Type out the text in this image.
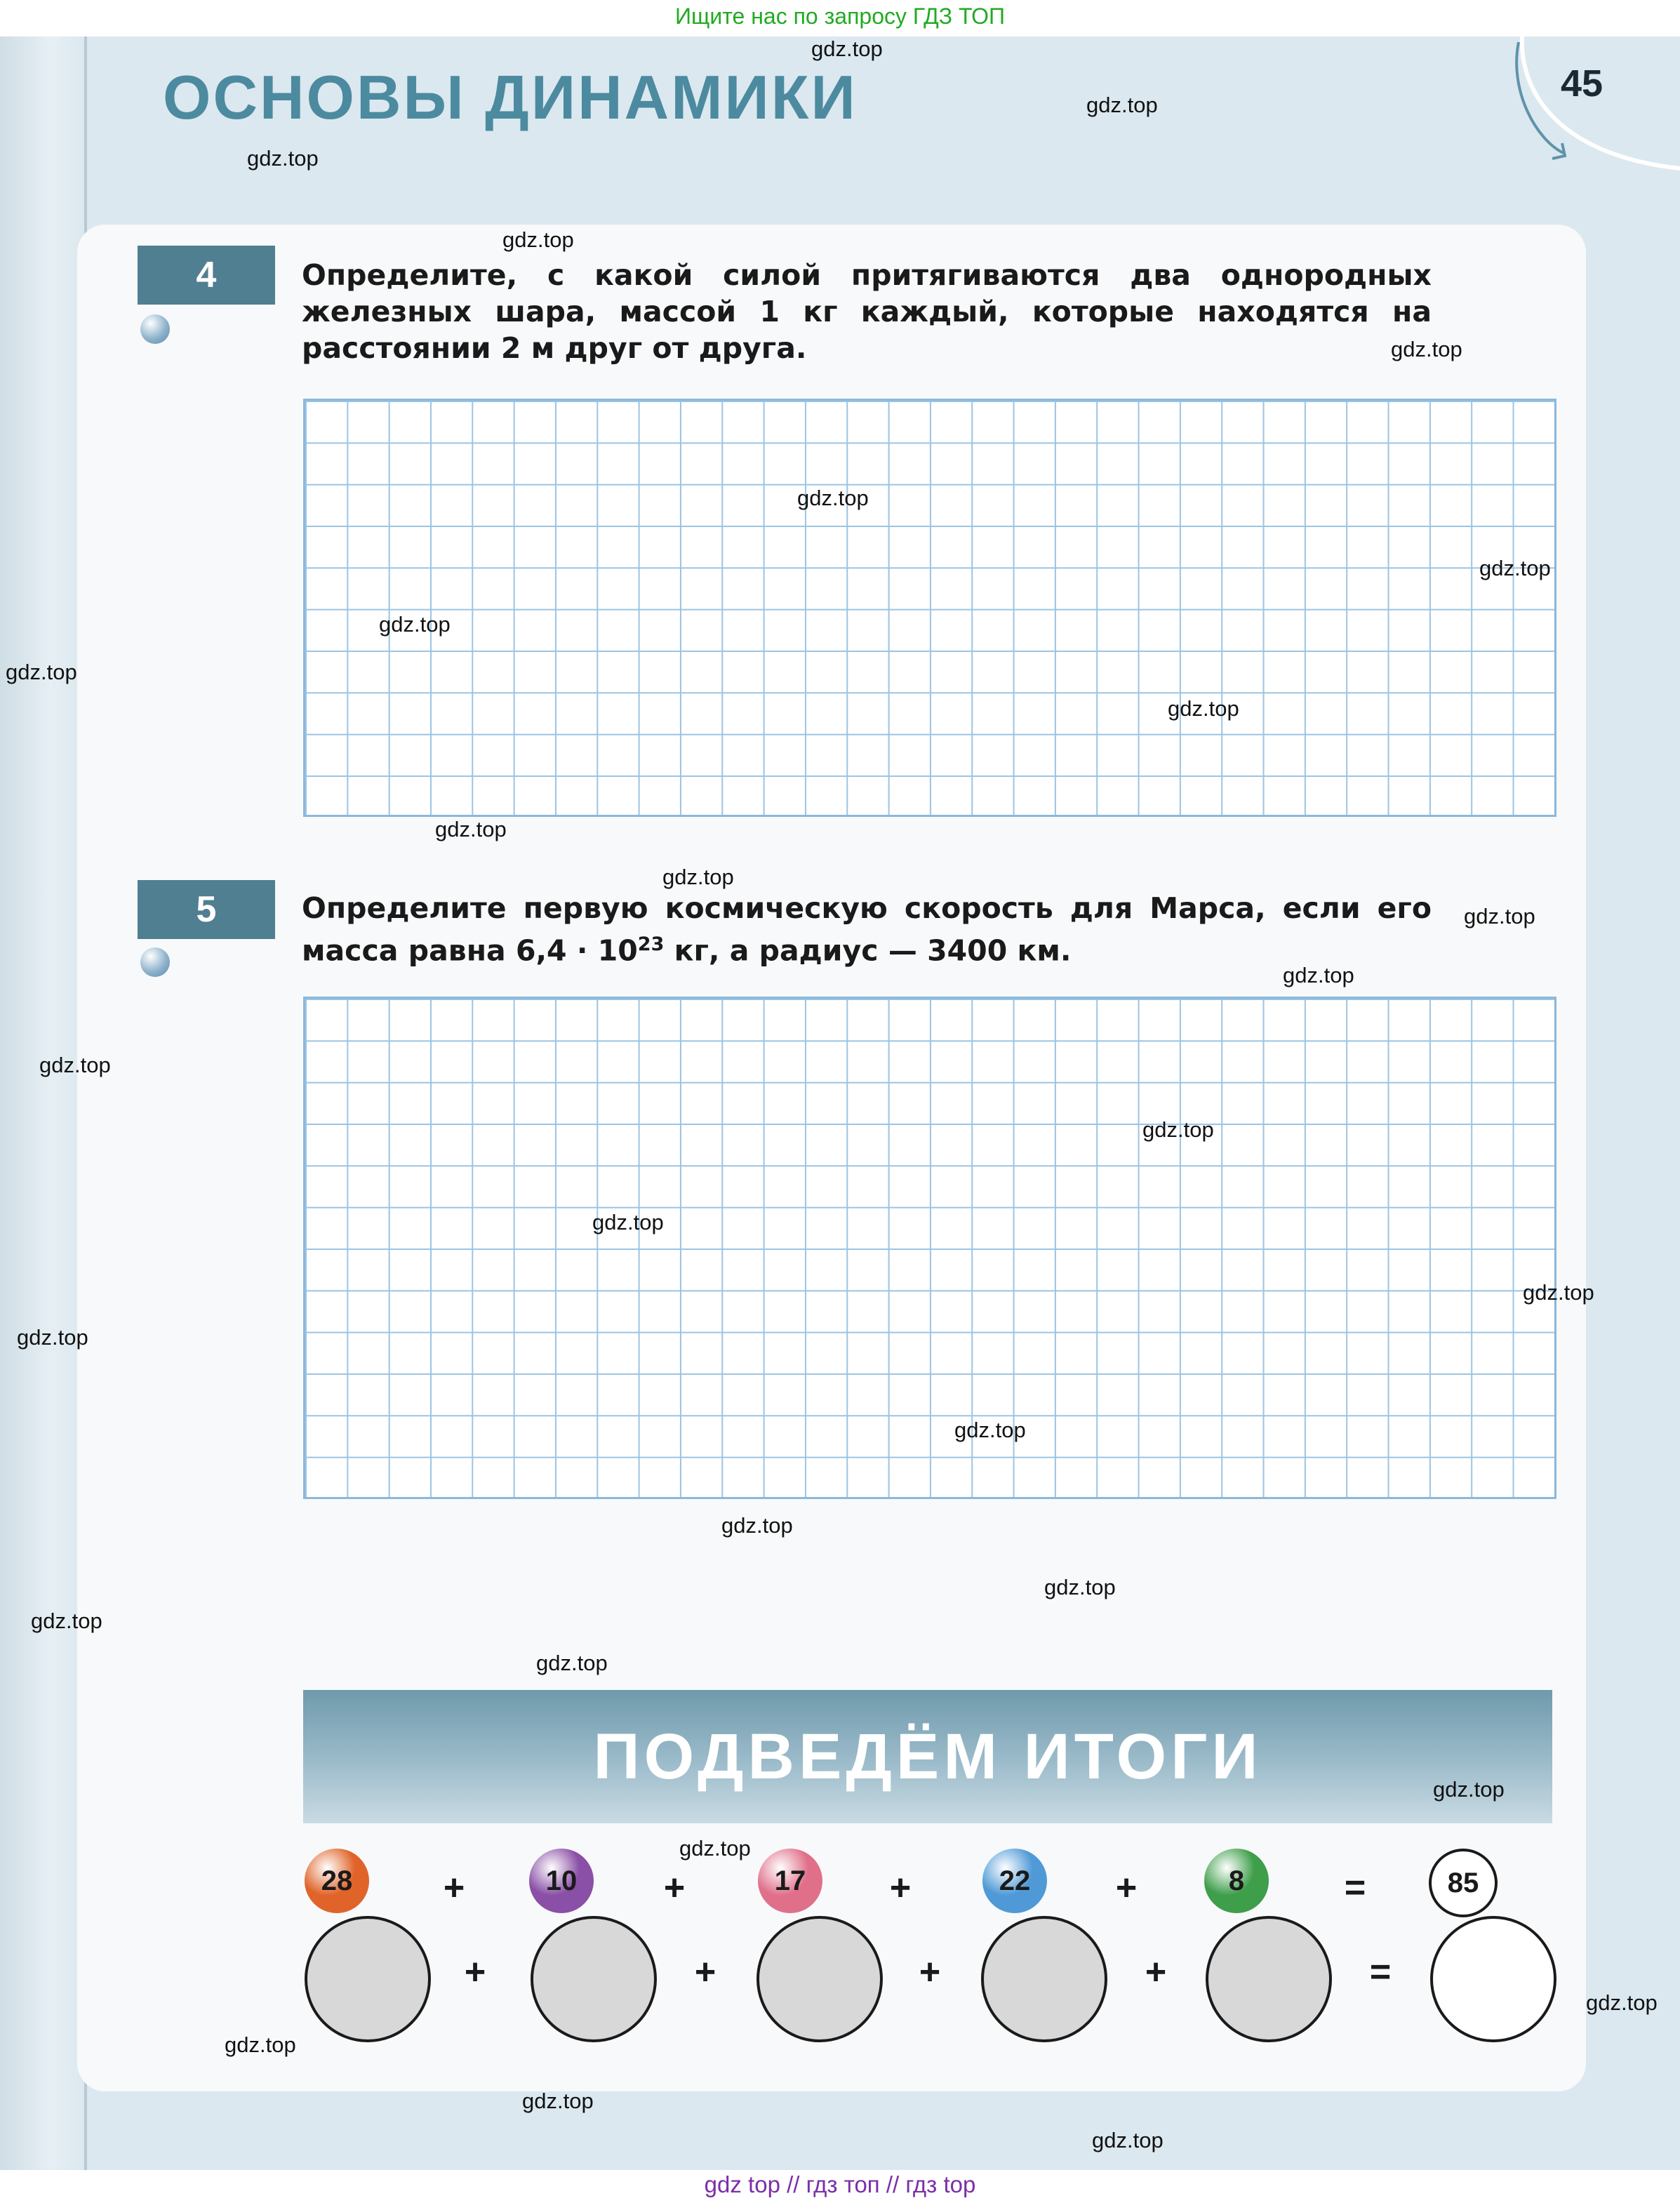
Ищите нас по запросу ГДЗ ТОП
ОСНОВЫ ДИНАМИКИ	45
4	Определите, с какой силой притягиваются два однородных железных шара, массой 1 кг каждый, которые находятся на расстоянии 2 м друг от друга.
5	Определите первую космическую скорость для Марса, если его масса равна $6,4 \cdot 10^{23}$ кг, а радиус — 3400 км.
ПОДВЕДЁМ ИТОГИ
28	+	10	+	17	+	22	+	8	=	85
+	+	+	+	=
gdz.top
gdz.top
gdz.top
gdz.top
gdz.top
gdz.top
gdz.top
gdz.top
gdz.top
gdz.top
gdz.top
gdz.top
gdz.top
gdz.top
gdz.top
gdz.top
gdz.top
gdz.top
gdz.top
gdz.top
gdz.top
gdz.top
gdz.top
gdz.top
gdz.top
gdz.top
gdz.top
gdz.top
gdz.top
gdz.top
gdz top // гдз топ // гдз top
